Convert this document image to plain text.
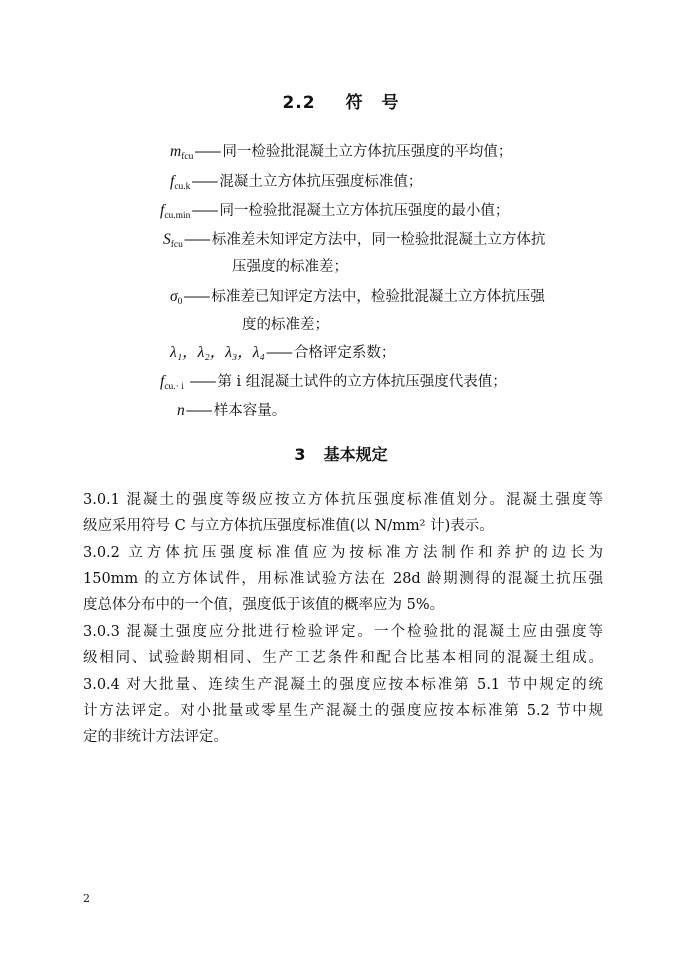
2.2 符　号
$m_{fcu}——$ 同一检验批混凝土立方体抗压强度的平均值；
$f_{cu.k}——$ 混凝土立方体抗压强度标准值；
$f_{cu.min}——$ 同一检验批混凝土立方体抗压强度的最小值；
$S_{fcu}——$ 标准差未知评定方法中，同一检验批混凝土立方体抗
压强度的标准差；
$\sigma_0——$ 标准差已知评定方法中，检验批混凝土立方体抗压强
度的标准差；
λ₁，λ₂，λ₃，λ₄—— 合格评定系数；
$f_{cu.\cdot i}$ —— 第 i 组混凝土试件的立方体抗压强度代表值；
n—— 样本容量。
3 基本规定
3.0.1 混凝土的强度等级应按立方体抗压强度标准值划分。混凝土强度等
级应采用符号 C 与立方体抗压强度标准值(以 N/mm² 计)表示。
3.0.2 立方体抗压强度标准值应为按标准方法制作和养护的边长为
150mm 的立方体试件，用标准试验方法在 28d 龄期测得的混凝土抗压强
度总体分布中的一个值，强度低于该值的概率应为 5%。
3.0.3 混凝土强度应分批进行检验评定。一个检验批的混凝土应由强度等
级相同、试验龄期相同、生产工艺条件和配合比基本相同的混凝土组成。
3.0.4 对大批量、连续生产混凝土的强度应按本标准第 5.1 节中规定的统
计方法评定。对小批量或零星生产混凝土的强度应按本标准第 5.2 节中规
定的非统计方法评定。
2
